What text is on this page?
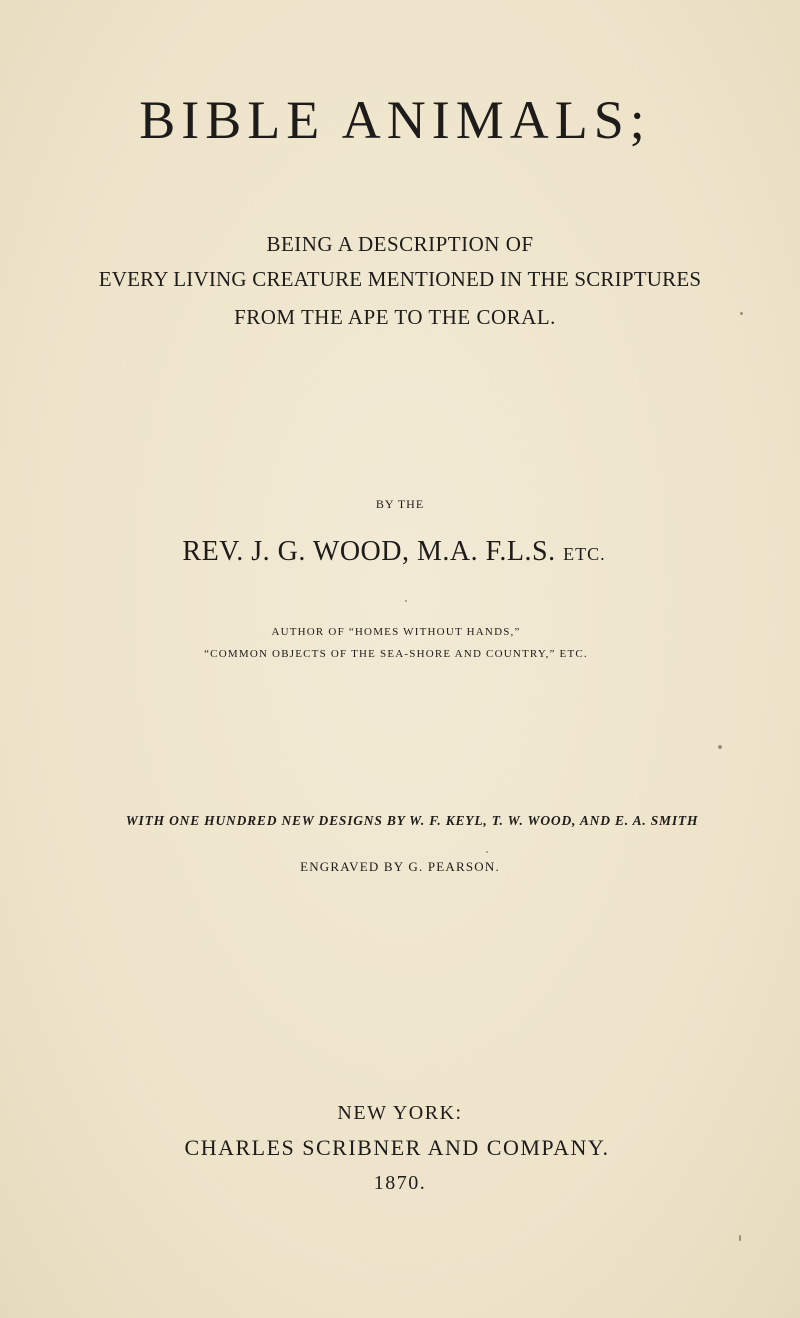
BIBLE ANIMALS;
BEING A DESCRIPTION OF
EVERY LIVING CREATURE MENTIONED IN THE SCRIPTURES
FROM THE APE TO THE CORAL.
BY THE
REV. J. G. WOOD, M.A. F.L.S. ETC.
AUTHOR OF “HOMES WITHOUT HANDS,”
“COMMON OBJECTS OF THE SEA-SHORE AND COUNTRY,” ETC.
WITH ONE HUNDRED NEW DESIGNS BY W. F. KEYL, T. W. WOOD, AND E. A. SMITH
ENGRAVED BY G. PEARSON.
NEW YORK:
CHARLES SCRIBNER AND COMPANY.
1870.
